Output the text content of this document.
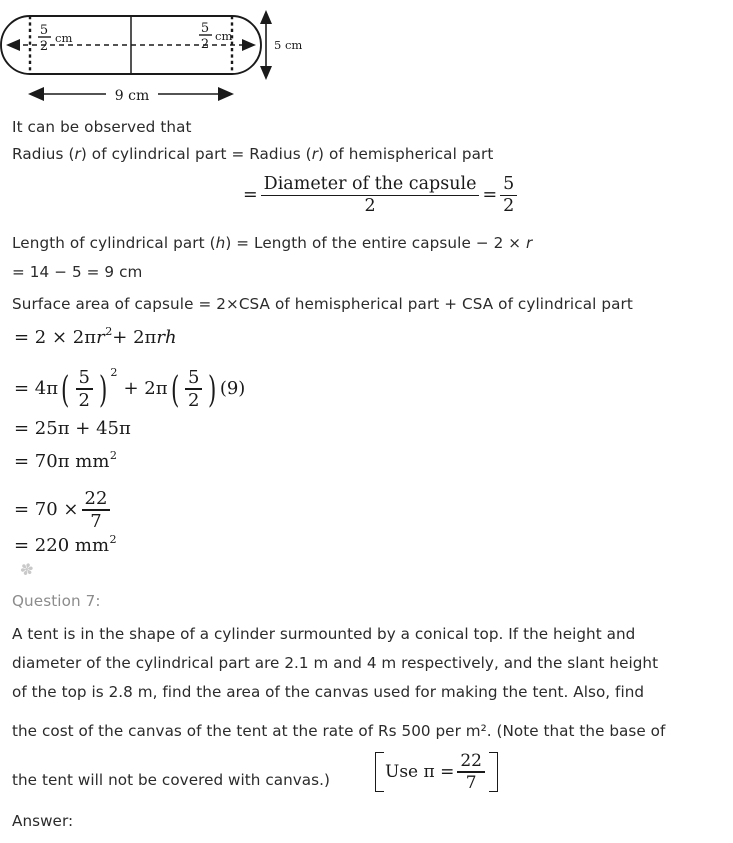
5
2
cm
5
2
cm
5 cm
9 cm
It can be observed that
Radius (r) of cylindrical part = Radius (r) of hemispherical part
= $\frac{\text{Diameter of the capsule}}{2} = \frac{5}{2}$
Length of cylindrical part (h) = Length of the entire capsule − 2 × r
= 14 − 5 = 9 cm
Surface area of capsule = 2×CSA of hemispherical part + CSA of cylindrical part
= 2 × 2π r 2 + 2π rh
= 4π ( $\frac{5}{2}$ ) 2
+ 2π ( $\frac{5}{2}$ ) (9)
= 25π + 45π
= 70π mm 2
= $70 \times \frac{22}{7}$
= 220 mm 2
✽
Question 7:
A tent is in the shape of a cylinder surmounted by a conical top. If the height and
diameter of the cylindrical part are 2.1 m and 4 m respectively, and the slant height
of the top is 2.8 m, find the area of the canvas used for making the tent. Also, find
the cost of the canvas of the tent at the rate of Rs 500 per m². (Note that the base of
the tent will not be covered with canvas.)	Use $\pi = \frac{22}{7}$
Answer:
